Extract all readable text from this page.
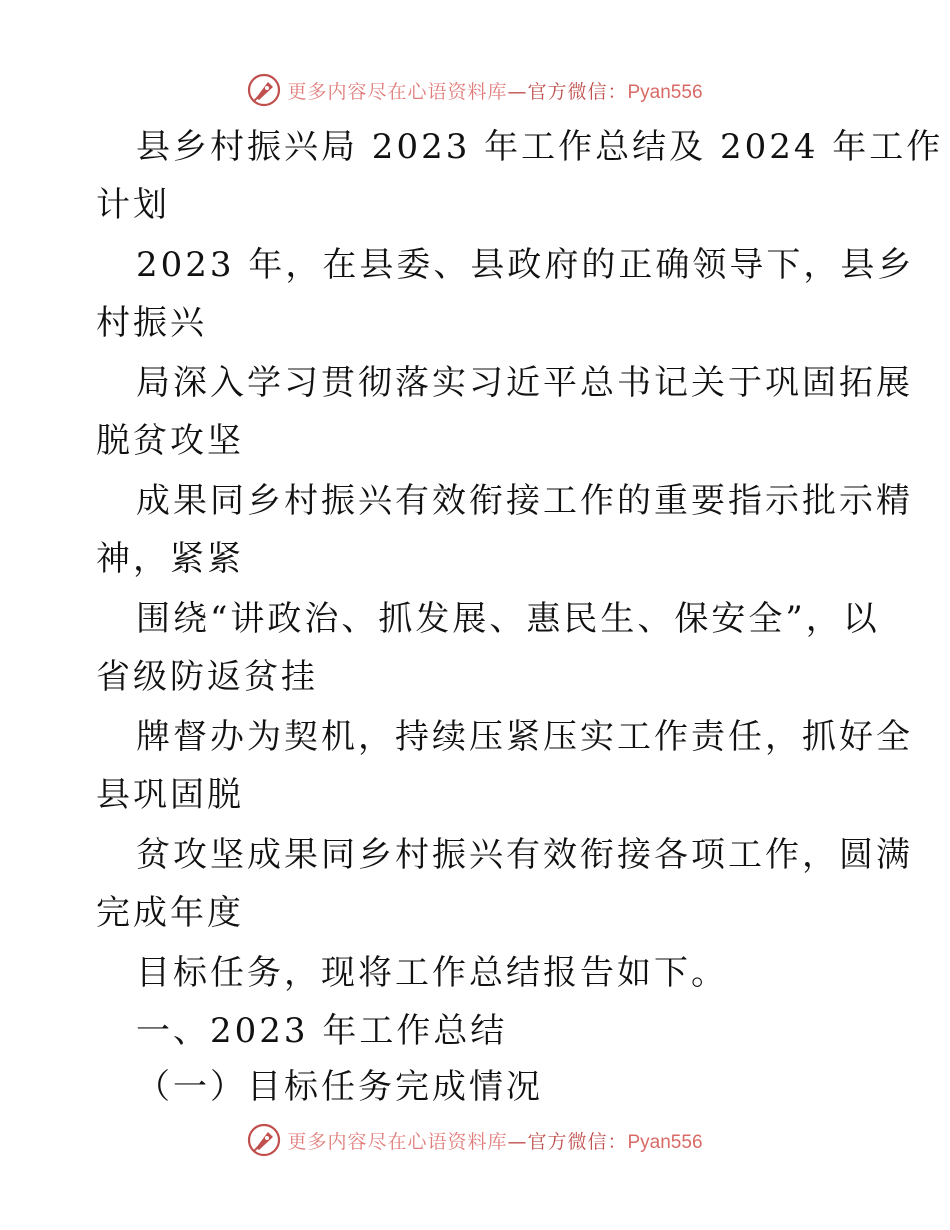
更多内容尽在心语资料库—官方微信：Pyan556
县乡村振兴局 2023 年工作总结及 2024 年工作
计划
2023 年，在县委、县政府的正确领导下，县乡
村振兴
局深入学习贯彻落实习近平总书记关于巩固拓展
脱贫攻坚
成果同乡村振兴有效衔接工作的重要指示批示精
神，紧紧
围绕“讲政治、抓发展、惠民生、保安全”，以
省级防返贫挂
牌督办为契机，持续压紧压实工作责任，抓好全
县巩固脱
贫攻坚成果同乡村振兴有效衔接各项工作，圆满
完成年度
目标任务，现将工作总结报告如下。
一、2023 年工作总结
（一）目标任务完成情况
更多内容尽在心语资料库—官方微信：Pyan556
